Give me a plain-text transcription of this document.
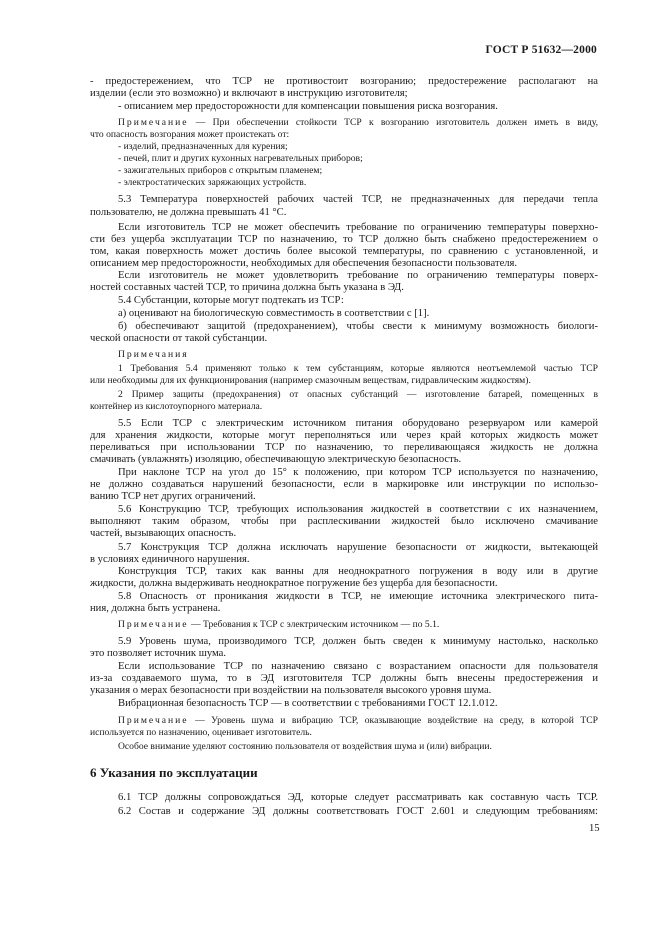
ГОСТ Р 51632—2000

- предостережением, что ТСР не противостоит возгоранию; предостережение располагают на

изделии (если это возможно) и включают в инструкцию изготовителя;

- описанием мер предосторожности для компенсации повышения риска возгорания.

Примечание — При обеспечении стойкости ТСР к возгоранию изготовитель должен иметь в виду,

что опасность возгорания может проистекать от:

- изделий, предназначенных для курения;

- печей, плит и других кухонных нагревательных приборов;

- зажигательных приборов с открытым пламенем;

- электростатических заряжающих устройств.

5.3 Температура поверхностей рабочих частей ТСР, не предназначенных для передачи тепла

пользователю, не должна превышать 41 °С.

Если изготовитель ТСР не может обеспечить требование по ограничению температуры поверхно-

сти без ущерба эксплуатации ТСР по назначению, то ТСР должно быть снабжено предостережением о

том, какая поверхность может достичь более высокой температуры, по сравнению с установленной, и

описанием мер предосторожности, необходимых для обеспечения безопасности пользователя.

Если изготовитель не может удовлетворить требование по ограничению температуры поверх-

ностей составных частей ТСР, то причина должна быть указана в ЭД.

5.4 Субстанции, которые могут подтекать из ТСР:

а) оценивают на биологическую совместимость в соответствии с [1].

б) обеспечивают защитой (предохранением), чтобы свести к минимуму возможность биологи-

ческой опасности от такой субстанции.

Примечания

1 Требования 5.4 применяют только к тем субстанциям, которые являются неотъемлемой частью ТСР

или необходимы для их функционирования (например смазочным веществам, гидравлическим жидкостям).

2 Пример защиты (предохранения) от опасных субстанций — изготовление батарей, помещенных в

контейнер из кислотоупорного материала.

5.5 Если ТСР с электрическим источником питания оборудовано резервуаром или камерой

для хранения жидкости, которые могут переполняться или через край которых жидкость может

переливаться при использовании ТСР по назначению, то переливающаяся жидкость не должна

смачивать (увлажнять) изоляцию, обеспечивающую электрическую безопасность.

При наклоне ТСР на угол до 15° к положению, при котором ТСР используется по назначению,

не должно создаваться нарушений безопасности, если в маркировке или инструкции по использо-

ванию ТСР нет других ограничений.

5.6 Конструкцию ТСР, требующих использования жидкостей в соответствии с их назначением,

выполняют таким образом, чтобы при расплескивании жидкостей было исключено смачивание

частей, вызывающих опасность.

5.7 Конструкция ТСР должна исключать нарушение безопасности от жидкости, вытекающей

в условиях единичного нарушения.

Конструкция ТСР, таких как ванны для неоднократного погружения в воду или в другие

жидкости, должна выдерживать неоднократное погружение без ущерба для безопасности.

5.8 Опасность от проникания жидкости в ТСР, не имеющие источника электрического пита-

ния, должна быть устранена.

Примечание — Требования к ТСР с электрическим источником — по 5.1.

5.9 Уровень шума, производимого ТСР, должен быть сведен к минимуму настолько, насколько

это позволяет источник шума.

Если использование ТСР по назначению связано с возрастанием опасности для пользователя

из-за создаваемого шума, то в ЭД изготовителя ТСР должны быть внесены предостережения и

указания о мерах безопасности при воздействии на пользователя высокого уровня шума.

Вибрационная безопасность ТСР — в соответствии с требованиями ГОСТ 12.1.012.

Примечание — Уровень шума и вибрацию ТСР, оказывающие воздействие на среду, в которой ТСР

используется по назначению, оценивает изготовитель.

Особое внимание уделяют состоянию пользователя от воздействия шума и (или) вибрации.

6 Указания по эксплуатации

6.1 ТСР должны сопровождаться ЭД, которые следует рассматривать как составную часть ТСР.

6.2 Состав и содержание ЭД должны соответствовать ГОСТ 2.601 и следующим требованиям:

15
